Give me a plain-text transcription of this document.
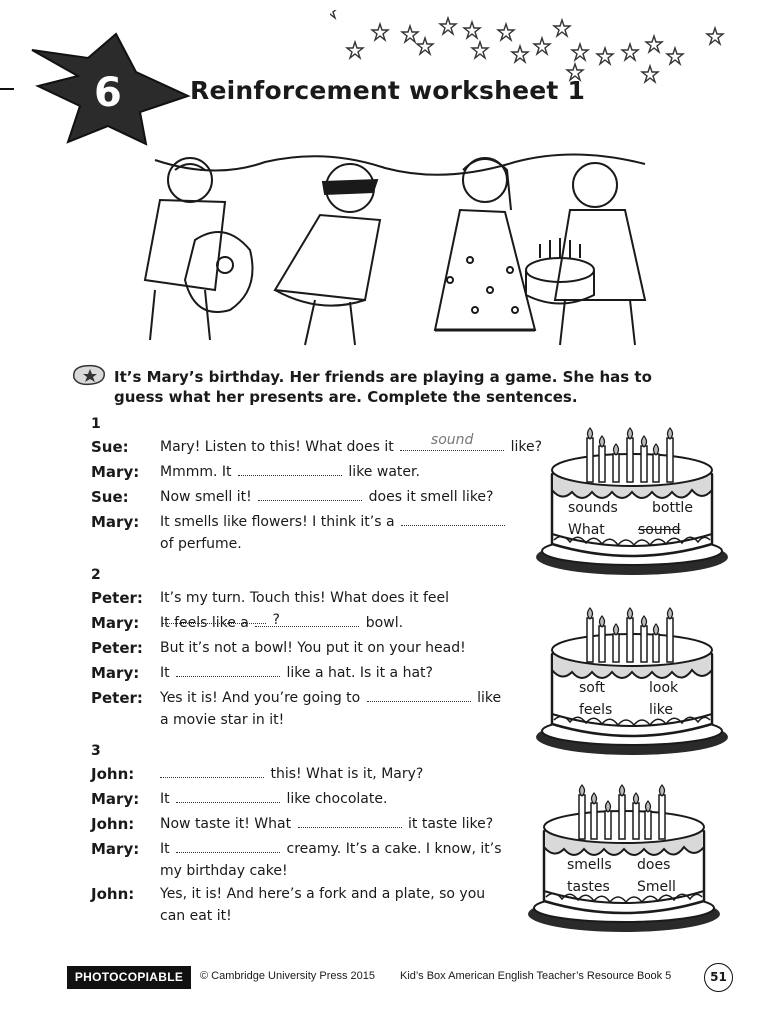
Unit
6	Reinforcement worksheet 1
It’s Mary’s birthday. Her friends are playing a game. She has to guess what her presents are. Complete the sentences.
1
Sue: Mary! Listen to this! What does it	sound	like?
Mary: Mmmm. It	like water.
Sue: Now smell it!	does it smell like?
Mary: It smells like flowers! I think it’s a
of perfume.
2
Peter: It’s my turn. Touch this! What does it feel  ?
Mary: It feels like a	bowl.
Peter: But it’s not a bowl! You put it on your head!
Mary: It	like a hat. Is it a hat?
Peter: Yes it is! And you’re going to	like
a movie star in it!
3
John:	this! What is it, Mary?
Mary: It	like chocolate.
John: Now taste it! What	it taste like?
Mary: It	creamy. It’s a cake. I know, it’s
my birthday cake!
John: Yes, it is! And here’s a fork and a plate, so you
can eat it!
sounds bottle
What sound
soft	look
feels	like
smells does
tastes Smell
PHOTOCOPIABLE	© Cambridge University Press 2015 Kid’s Box American English Teacher’s Resource Book 5	51
